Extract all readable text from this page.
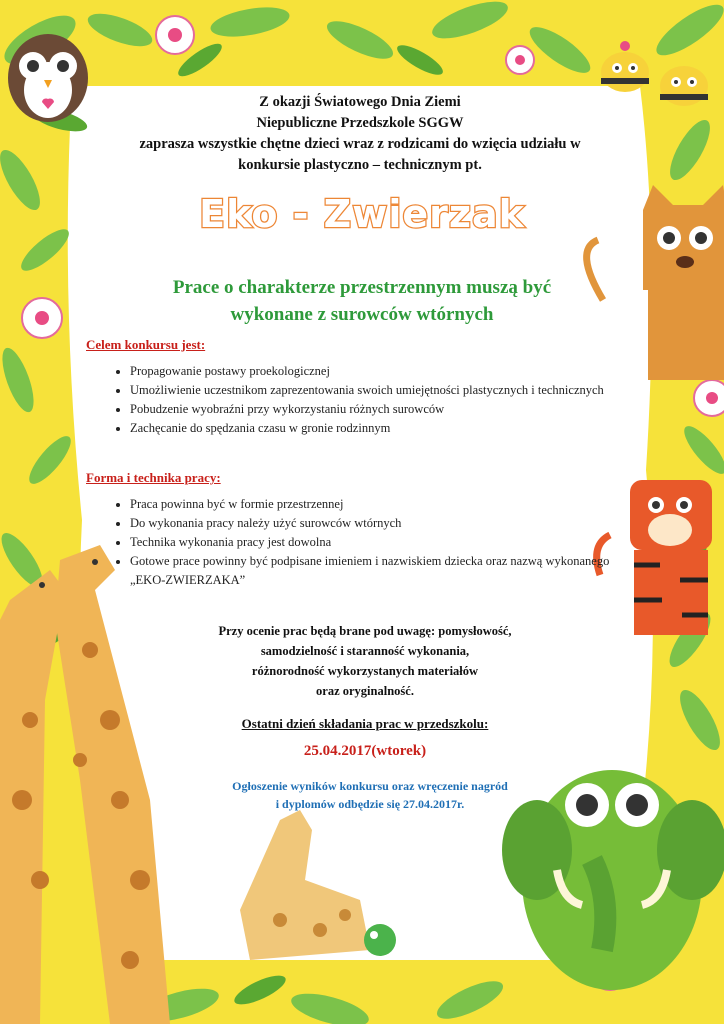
Z okazji Światowego Dnia Ziemi
Niepubliczne Przedszkole SGGW
zaprasza wszystkie chętne dzieci wraz z rodzicami do wzięcia udziału w
konkursie plastyczno – technicznym pt.
Eko - Zwierzak
Prace o charakterze przestrzennym muszą być
wykonane z surowców wtórnych
Celem konkursu jest:
• Propagowanie postawy proekologicznej
• Umożliwienie uczestnikom zaprezentowania swoich umiejętności plastycznych i technicznych
• Pobudzenie wyobraźni przy wykorzystaniu różnych surowców
• Zachęcanie do spędzania czasu w gronie rodzinnym
Forma i technika pracy:
• Praca powinna być w formie przestrzennej
• Do wykonania pracy należy użyć surowców wtórnych
• Technika wykonania pracy jest dowolna
• Gotowe prace powinny być podpisane imieniem i nazwiskiem dziecka oraz nazwą wykonanego „EKO-ZWIERZAKA”
Przy ocenie prac będą brane pod uwagę: pomysłowość,
samodzielność i staranność wykonania,
różnorodność wykorzystanych materiałów
oraz oryginalność.
Ostatni dzień składania prac w przedszkolu:
25.04.2017(wtorek)
Ogłoszenie wyników konkursu oraz wręczenie nagród
i dyplomów odbędzie się 27.04.2017r.
